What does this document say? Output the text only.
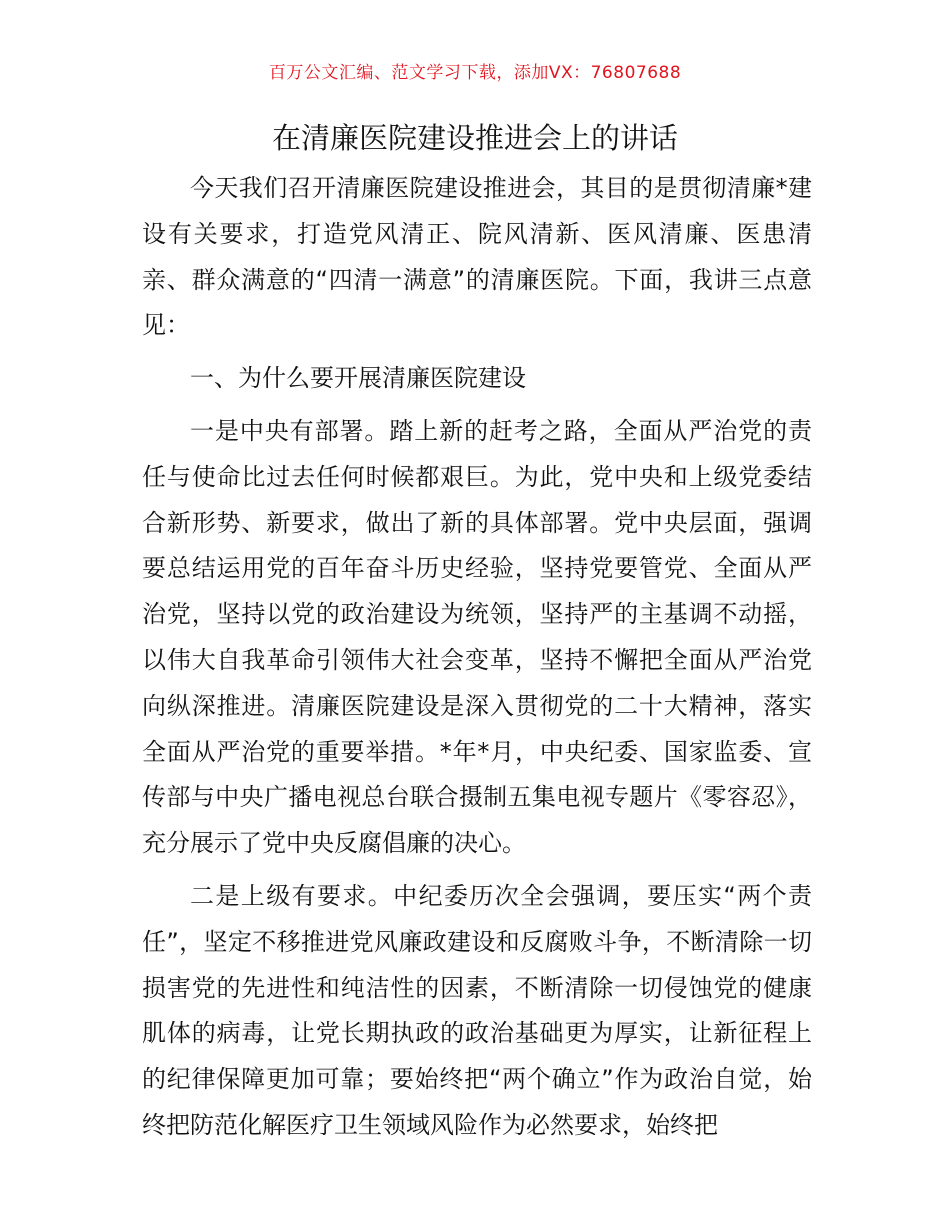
百万公文汇编、范文学习下载，添加VX：76807688
在清廉医院建设推进会上的讲话

今天我们召开清廉医院建设推进会，其目的是贯彻清廉*建设有关要求，打造党风清正、院风清新、医风清廉、医患清亲、群众满意的“四清一满意”的清廉医院。下面，我讲三点意见：

一、为什么要开展清廉医院建设

一是中央有部署。踏上新的赶考之路，全面从严治党的责任与使命比过去任何时候都艰巨。为此，党中央和上级党委结合新形势、新要求，做出了新的具体部署。党中央层面，强调要总结运用党的百年奋斗历史经验，坚持党要管党、全面从严治党，坚持以党的政治建设为统领，坚持严的主基调不动摇，以伟大自我革命引领伟大社会变革，坚持不懈把全面从严治党向纵深推进。清廉医院建设是深入贯彻党的二十大精神，落实全面从严治党的重要举措。*年*月，中央纪委、国家监委、宣传部与中央广播电视总台联合摄制五集电视专题片《零容忍》，充分展示了党中央反腐倡廉的决心。

二是上级有要求。中纪委历次全会强调，要压实“两个责任”，坚定不移推进党风廉政建设和反腐败斗争，不断清除一切损害党的先进性和纯洁性的因素，不断清除一切侵蚀党的健康肌体的病毒，让党长期执政的政治基础更为厚实，让新征程上的纪律保障更加可靠；要始终把“两个确立”作为政治自觉，始终把防范化解医疗卫生领域风险作为必然要求，始终把
